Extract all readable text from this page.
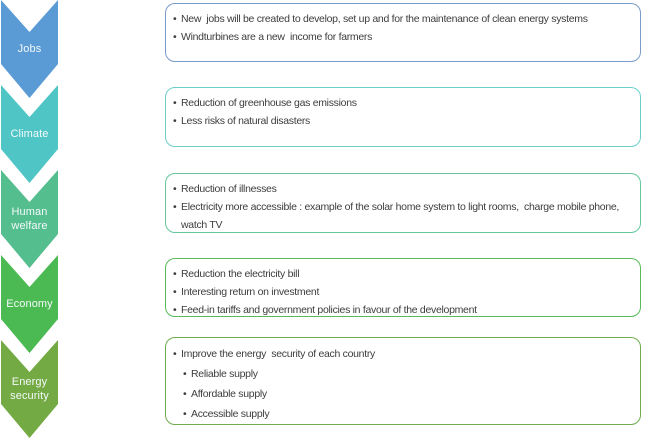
Jobs
•
New  jobs will be created to develop, set up and for the maintenance of clean energy systems
•
Windturbines are a new  income for farmers
Climate
•
Reduction of greenhouse gas emissions
•
Less risks of natural disasters
Human welfare
•
Reduction of illnesses
•
Electricity more accessible : example of the solar home system to light rooms,  charge mobile phone,  watch TV
Economy
•
Reduction the electricity bill
•
Interesting return on investment
•
Feed-in tariffs and government policies in favour of the development
Energy security
•
Improve the energy  security of each country
•
Reliable supply
•
Affordable supply
•
Accessible supply
